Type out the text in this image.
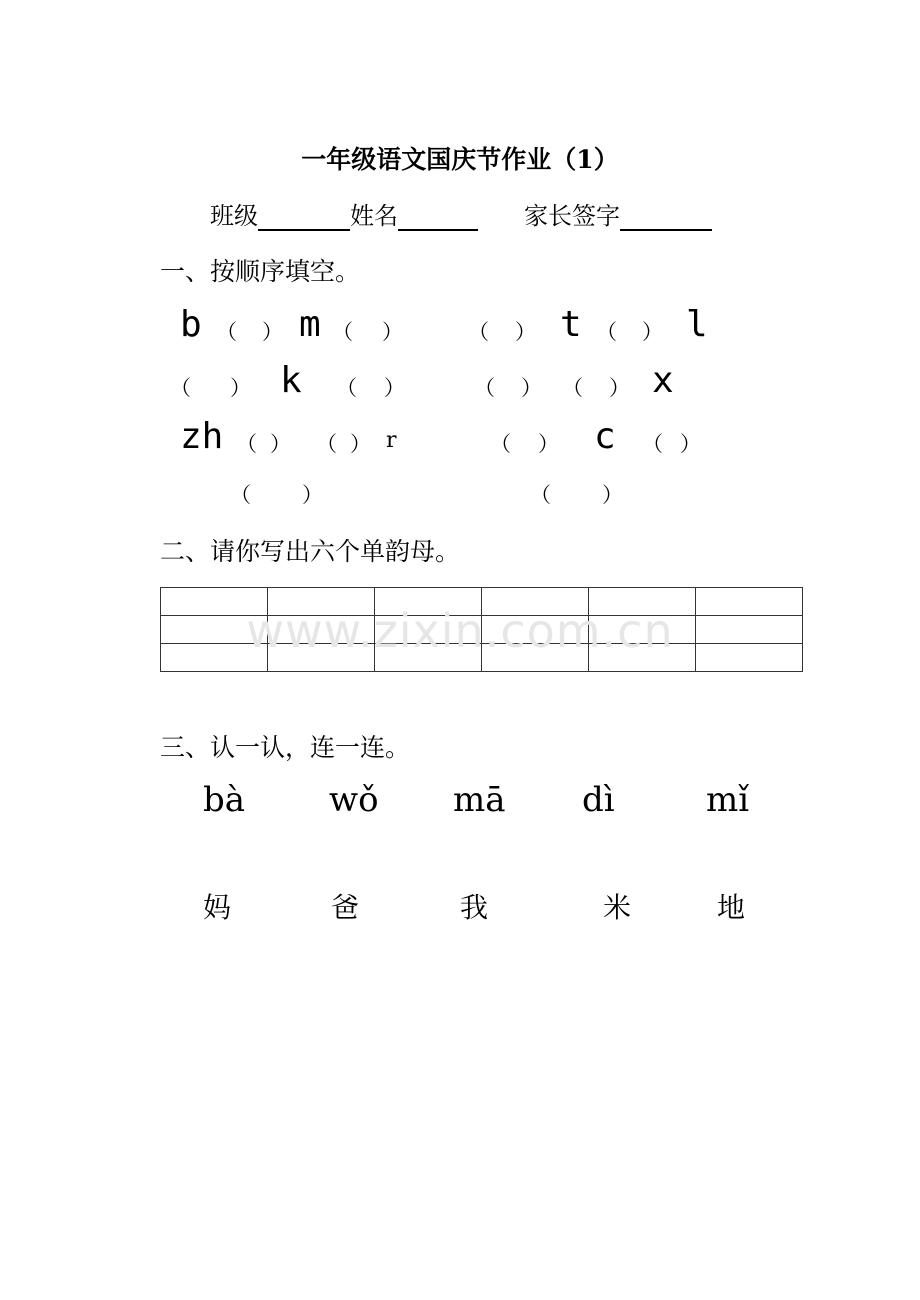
一年级语文国庆节作业（1）
班级	姓名	家长签字
一、按顺序填空。
b （ ） m （ ）	（ ） t （ ） l
（ ） k （ ）	（ ） （ ） x
zh （ ） （ ） r	（ ） c （ ）
（ ）	（ ）
二、请你写出六个单韵母。

www.zixin.com.cn
三、认一认，连一连。
bà wǒ mā dì	mǐ
妈	爸	我	米	地
